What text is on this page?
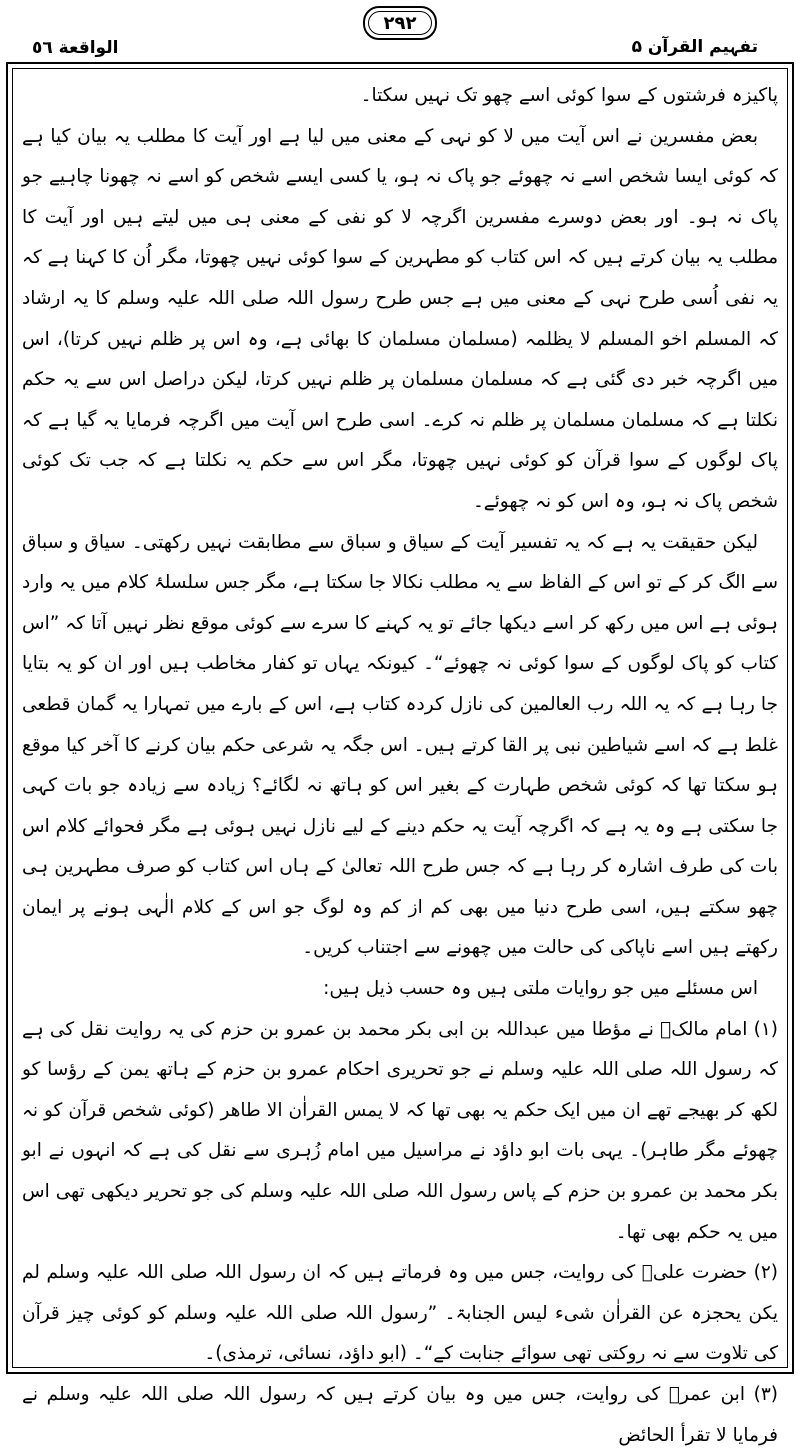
الواقعة ٥٦
٢٩٢
تفہیم القرآن ۵

پاکیزہ فرشتوں کے سوا کوئی اسے چھو تک نہیں سکتا۔

بعض مفسرین نے اس آیت میں لا کو نہی کے معنی میں لیا ہے اور آیت کا مطلب یہ بیان کیا ہے کہ کوئی ایسا شخص اسے نہ چھوئے جو پاک نہ ہو، یا کسی ایسے شخص کو اسے نہ چھونا چاہیے جو پاک نہ ہو۔ اور بعض دوسرے مفسرین اگرچہ لا کو نفی کے معنی ہی میں لیتے ہیں اور آیت کا مطلب یہ بیان کرتے ہیں کہ اس کتاب کو مطہرین کے سوا کوئی نہیں چھوتا، مگر اُن کا کہنا ہے کہ یہ نفی اُسی طرح نہی کے معنی میں ہے جس طرح رسول اللہ صلی اللہ علیہ وسلم کا یہ ارشاد کہ المسلم اخو المسلم لا یظلمہ (مسلمان مسلمان کا بھائی ہے، وہ اس پر ظلم نہیں کرتا)، اس میں اگرچہ خبر دی گئی ہے کہ مسلمان مسلمان پر ظلم نہیں کرتا، لیکن دراصل اس سے یہ حکم نکلتا ہے کہ مسلمان مسلمان پر ظلم نہ کرے۔ اسی طرح اس آیت میں اگرچہ فرمایا یہ گیا ہے کہ پاک لوگوں کے سوا قرآن کو کوئی نہیں چھوتا، مگر اس سے حکم یہ نکلتا ہے کہ جب تک کوئی شخص پاک نہ ہو، وہ اس کو نہ چھوئے۔

لیکن حقیقت یہ ہے کہ یہ تفسیر آیت کے سیاق و سباق سے مطابقت نہیں رکھتی۔ سیاق و سباق سے الگ کر کے تو اس کے الفاظ سے یہ مطلب نکالا جا سکتا ہے، مگر جس سلسلۂ کلام میں یہ وارد ہوئی ہے اس میں رکھ کر اسے دیکھا جائے تو یہ کہنے کا سرے سے کوئی موقع نظر نہیں آتا کہ ”اس کتاب کو پاک لوگوں کے سوا کوئی نہ چھوئے“۔ کیونکہ یہاں تو کفار مخاطب ہیں اور ان کو یہ بتایا جا رہا ہے کہ یہ اللہ رب العالمین کی نازل کردہ کتاب ہے، اس کے بارے میں تمہارا یہ گمان قطعی غلط ہے کہ اسے شیاطین نبی پر القا کرتے ہیں۔ اس جگہ یہ شرعی حکم بیان کرنے کا آخر کیا موقع ہو سکتا تھا کہ کوئی شخص طہارت کے بغیر اس کو ہاتھ نہ لگائے؟ زیادہ سے زیادہ جو بات کہی جا سکتی ہے وہ یہ ہے کہ اگرچہ آیت یہ حکم دینے کے لیے نازل نہیں ہوئی ہے مگر فحوائے کلام اس بات کی طرف اشارہ کر رہا ہے کہ جس طرح اللہ تعالیٰ کے ہاں اس کتاب کو صرف مطہرین ہی چھو سکتے ہیں، اسی طرح دنیا میں بھی کم از کم وہ لوگ جو اس کے کلام الٰہی ہونے پر ایمان رکھتے ہیں اسے ناپاکی کی حالت میں چھونے سے اجتناب کریں۔

اس مسئلے میں جو روایات ملتی ہیں وہ حسب ذیل ہیں:

(۱) امام مالکؒ نے مؤطا میں عبداللہ بن ابی بکر محمد بن عمرو بن حزم کی یہ روایت نقل کی ہے کہ رسول اللہ صلی اللہ علیہ وسلم نے جو تحریری احکام عمرو بن حزم کے ہاتھ یمن کے رؤسا کو لکھ کر بھیجے تھے ان میں ایک حکم یہ بھی تھا کہ لا یمس القراٰن الا طاھر (کوئی شخص قرآن کو نہ چھوئے مگر طاہر)۔ یہی بات ابو داؤد نے مراسیل میں امام زُہری سے نقل کی ہے کہ انہوں نے ابو بکر محمد بن عمرو بن حزم کے پاس رسول اللہ صلی اللہ علیہ وسلم کی جو تحریر دیکھی تھی اس میں یہ حکم بھی تھا۔

(۲) حضرت علیؓ کی روایت، جس میں وہ فرماتے ہیں کہ ان رسول اللہ صلی اللہ علیہ وسلم لم یکن یحجزہ عن القراٰن شیء لیس الجنابۃ۔ ”رسول اللہ صلی اللہ علیہ وسلم کو کوئی چیز قرآن کی تلاوت سے نہ روکتی تھی سوائے جنابت کے“۔ (ابو داؤد، نسائی، ترمذی)۔

(۳) ابن عمرؓ کی روایت، جس میں وہ بیان کرتے ہیں کہ رسول اللہ صلی اللہ علیہ وسلم نے فرمایا لا تقرأ الحائض
